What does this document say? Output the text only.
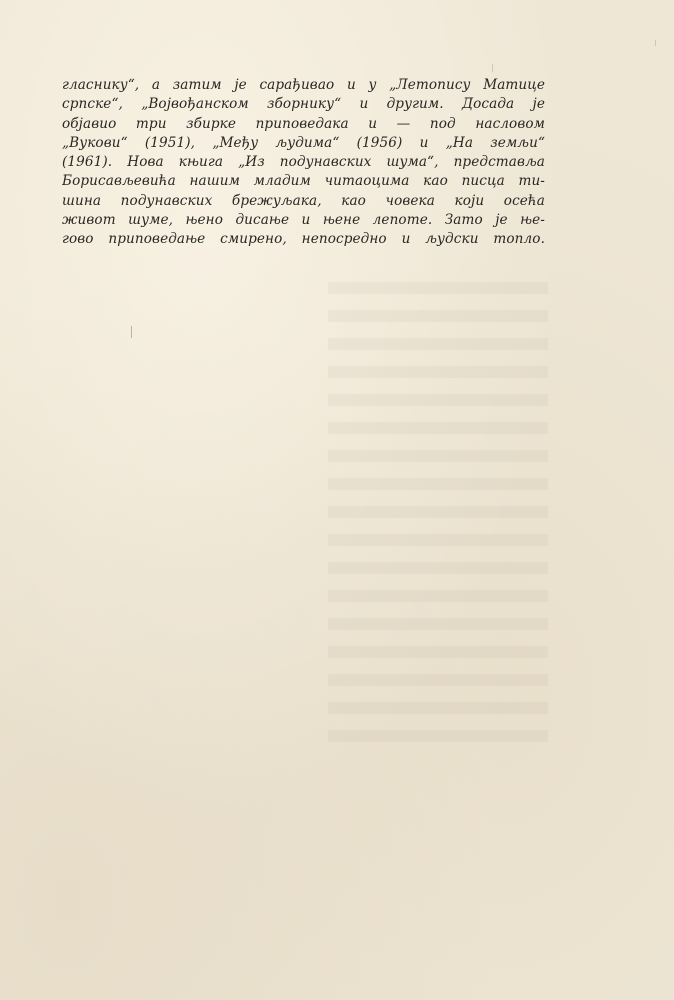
гласнику“, а затим је сарађивао и у „Летопису Матице
српске“, „Војвођанском зборнику“ и другим. Досада је
објавио три збирке приповедака и — под насловом
„Вукови“ (1951), „Међу људима“ (1956) и „На земљи“
(1961). Нова књига „Из подунавских шума“, представља
Борисављевића нашим младим читаоцима као писца ти-
шина подунавских брежуљака, као човека који осећа
живот шуме, њено дисање и њене лепоте. Зато је ње-
гово приповедање смирено, непосредно и људски топло.
